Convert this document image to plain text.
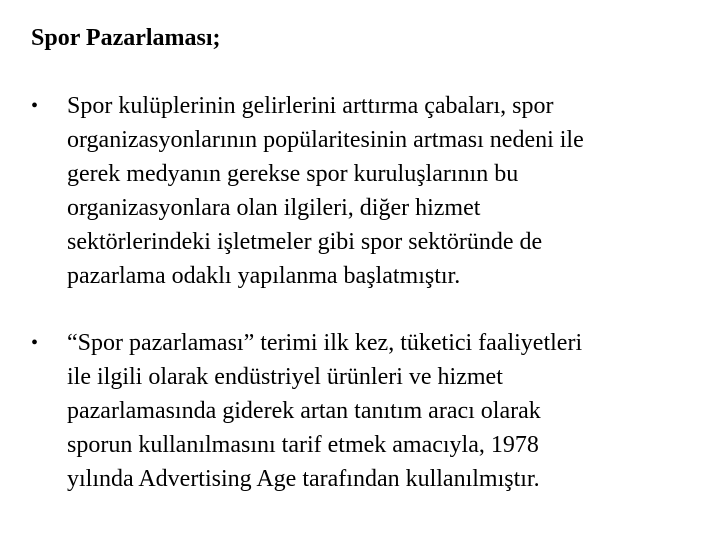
Spor Pazarlaması;
• Spor kulüplerinin gelirlerini arttırma çabaları, spor
organizasyonlarının popülaritesinin artması nedeni ile
gerek medyanın gerekse spor kuruluşlarının bu
organizasyonlara olan ilgileri, diğer hizmet
sektörlerindeki işletmeler gibi spor sektöründe de
pazarlama odaklı yapılanma başlatmıştır.
• “Spor pazarlaması” terimi ilk kez, tüketici faaliyetleri
ile ilgili olarak endüstriyel ürünleri ve hizmet
pazarlamasında giderek artan tanıtım aracı olarak
sporun kullanılmasını tarif etmek amacıyla, 1978
yılında Advertising Age tarafından kullanılmıştır.
